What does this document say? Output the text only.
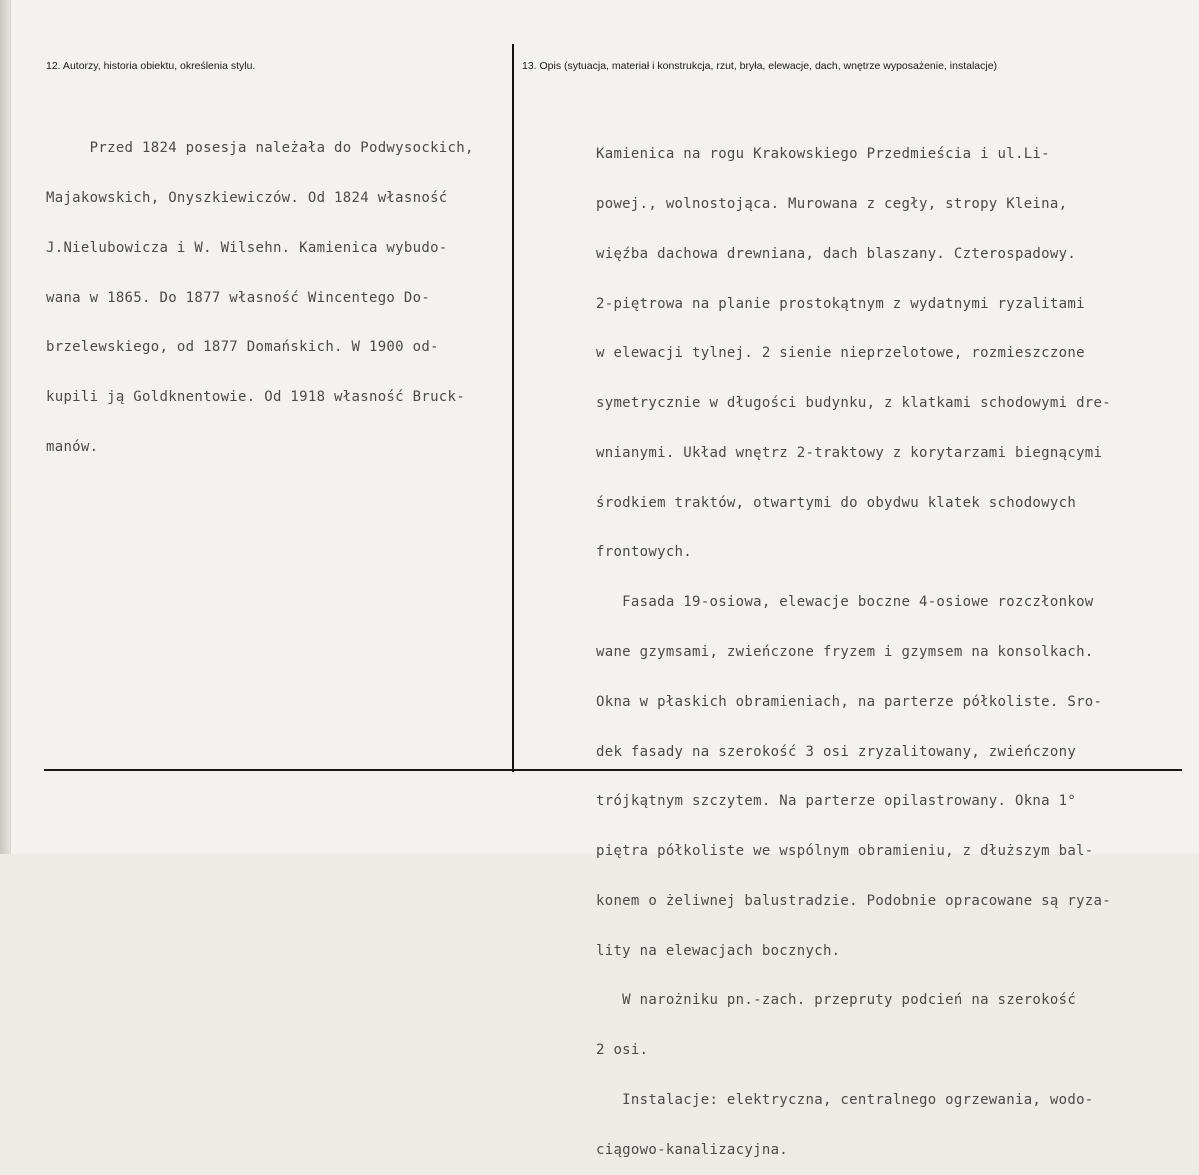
12. Autorzy, historia obiektu, określenia stylu.	13. Opis (sytuacja, materiał i konstrukcja, rzut, bryła, elewacje, dach, wnętrze wyposażenie, instalacje)

Przed 1824 posesja należała do Podwysockich,

Majakowskich, Onyszkiewiczów. Od 1824 własność

J.Nielubowicza i W. Wilsehn. Kamienica wybudo-

wana w 1865. Do 1877 własność Wincentego Do-

brzelewskiego, od 1877 Domańskich. W 1900 od-

kupili ją Goldknentowie. Od 1918 własność Bruck-

manów.

Kamienica na rogu Krakowskiego Przedmieścia i ul.Li-

powej., wolnostojąca. Murowana z cegły, stropy Kleina,

więźba dachowa drewniana, dach blaszany. Czterospadowy.

2-piętrowa na planie prostokątnym z wydatnymi ryzalitami

w elewacji tylnej. 2 sienie nieprzelotowe, rozmieszczone

symetrycznie w długości budynku, z klatkami schodowymi dre-

wnianymi. Układ wnętrz 2-traktowy z korytarzami biegnącymi

środkiem traktów, otwartymi do obydwu klatek schodowych

frontowych.

Fasada 19-osiowa, elewacje boczne 4-osiowe rozczłonkow

wane gzymsami, zwieńczone fryzem i gzymsem na konsolkach.

Okna w płaskich obramieniach, na parterze półkoliste. Sro-

dek fasady na szerokość 3 osi zryzalitowany, zwieńczony

trójkątnym szczytem. Na parterze opilastrowany. Okna 1°

piętra półkoliste we wspólnym obramieniu, z dłuższym bal-

konem o żeliwnej balustradzie. Podobnie opracowane są ryza-

lity na elewacjach bocznych.

W narożniku pn.-zach. przepruty podcień na szerokość

2 osi.

Instalacje: elektryczna, centralnego ogrzewania, wodo-

ciągowo-kanalizacyjna.
